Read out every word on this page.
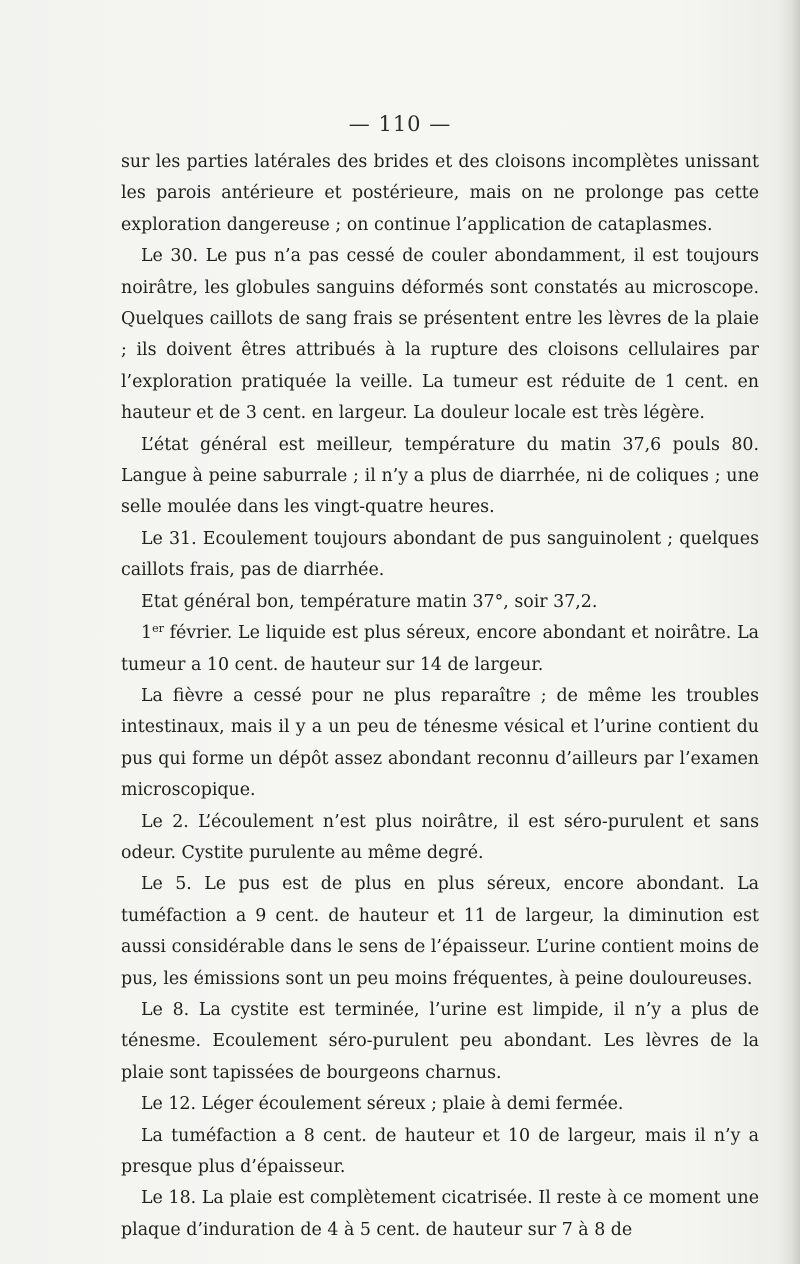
— 110 —

sur les parties latérales des brides et des cloisons incomplètes unissant les parois antérieure et postérieure, mais on ne prolonge pas cette exploration dangereuse ; on continue l’application de cataplasmes.

Le 30. Le pus n’a pas cessé de couler abondamment, il est toujours noirâtre, les globules sanguins déformés sont constatés au microscope. Quelques caillots de sang frais se présentent entre les lèvres de la plaie ; ils doivent êtres attribués à la rupture des cloisons cellulaires par l’exploration pratiquée la veille. La tumeur est réduite de 1 cent. en hauteur et de 3 cent. en largeur. La douleur locale est très légère.

L’état général est meilleur, température du matin 37,6 pouls 80. Langue à peine saburrale ; il n’y a plus de diarrhée, ni de coliques ; une selle moulée dans les vingt-quatre heures.

Le 31. Ecoulement toujours abondant de pus sanguinolent ; quelques caillots frais, pas de diarrhée.

Etat général bon, température matin 37°, soir 37,2.

1er février. Le liquide est plus séreux, encore abondant et noirâtre. La tumeur a 10 cent. de hauteur sur 14 de largeur.

La fièvre a cessé pour ne plus reparaître ; de même les troubles intestinaux, mais il y a un peu de ténesme vésical et l’urine contient du pus qui forme un dépôt assez abondant reconnu d’ailleurs par l’examen microscopique.

Le 2. L’écoulement n’est plus noirâtre, il est séro-purulent et sans odeur. Cystite purulente au même degré.

Le 5. Le pus est de plus en plus séreux, encore abondant. La tuméfaction a 9 cent. de hauteur et 11 de largeur, la diminution est aussi considérable dans le sens de l’épaisseur. L’urine contient moins de pus, les émissions sont un peu moins fréquentes, à peine douloureuses.

Le 8. La cystite est terminée, l’urine est limpide, il n’y a plus de ténesme. Ecoulement séro-purulent peu abondant. Les lèvres de la plaie sont tapissées de bourgeons charnus.

Le 12. Léger écoulement séreux ; plaie à demi fermée.

La tuméfaction a 8 cent. de hauteur et 10 de largeur, mais il n’y a presque plus d’épaisseur.

Le 18. La plaie est complètement cicatrisée. Il reste à ce moment une plaque d’induration de 4 à 5 cent. de hauteur sur 7 à 8 de
